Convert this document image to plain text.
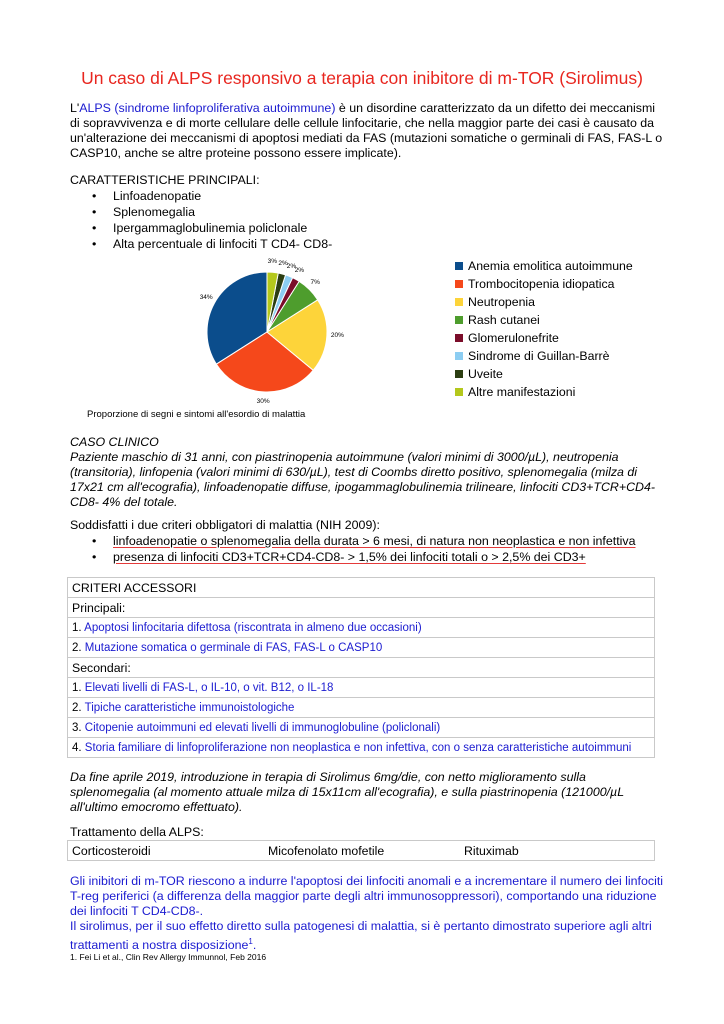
Un caso di ALPS responsivo a terapia con inibitore di m-TOR (Sirolimus)
L'ALPS (sindrome linfoproliferativa autoimmune) è un disordine caratterizzato da un difetto dei meccanismi
di sopravvivenza e di morte cellulare delle cellule linfocitarie, che nella maggior parte dei casi è causato da
un'alterazione dei meccanismi di apoptosi mediati da FAS (mutazioni somatiche o germinali di FAS, FAS-L o
CASP10, anche se altre proteine possono essere implicate).
CARATTERISTICHE PRINCIPALI:
• Linfoadenopatie
• Splenomegalia
• Ipergammaglobulinemia policlonale
• Alta percentuale di linfociti T CD4- CD8-
34%
30%
20%
7%
2%
2%
2%
3%
Proporzione di segni e sintomi all'esordio di malattia
Anemia emolitica autoimmune
Trombocitopenia idiopatica
Neutropenia
Rash cutanei
Glomerulonefrite
Sindrome di Guillan-Barrè
Uveite
Altre manifestazioni
CASO CLINICO
Paziente maschio di 31 anni, con piastrinopenia autoimmune (valori minimi di 3000/µL), neutropenia
(transitoria), linfopenia (valori minimi di 630/µL), test di Coombs diretto positivo, splenomegalia (milza di
17x21 cm all'ecografia), linfoadenopatie diffuse, ipogammaglobulinemia trilineare, linfociti CD3+TCR+CD4-
CD8- 4% del totale.
Soddisfatti i due criteri obbligatori di malattia (NIH 2009):
• linfoadenopatie o splenomegalia della durata > 6 mesi, di natura non neoplastica e non infettiva
• presenza di linfociti CD3+TCR+CD4-CD8- > 1,5% dei linfociti totali o > 2,5% dei CD3+
CRITERI ACCESSORI
Principali:
1. Apoptosi linfocitaria difettosa (riscontrata in almeno due occasioni)
2. Mutazione somatica o germinale di FAS, FAS-L o CASP10
Secondari:
1. Elevati livelli di FAS-L, o IL-10, o vit. B12, o IL-18
2. Tipiche caratteristiche immunoistologiche
3. Citopenie autoimmuni ed elevati livelli di immunoglobuline (policlonali)
4. Storia familiare di linfoproliferazione non neoplastica e non infettiva, con o senza caratteristiche autoimmuni
Da fine aprile 2019, introduzione in terapia di Sirolimus 6mg/die, con netto miglioramento sulla
splenomegalia (al momento attuale milza di 15x11cm all'ecografia), e sulla piastrinopenia (121000/µL
all'ultimo emocromo effettuato).
Trattamento della ALPS:
Corticosteroidi	Micofenolato mofetile	Rituximab
Gli inibitori di m-TOR riescono a indurre l'apoptosi dei linfociti anomali e a incrementare il numero dei linfociti
T-reg periferici (a differenza della maggior parte degli altri immunosoppressori), comportando una riduzione
dei linfociti T CD4-CD8-.
Il sirolimus, per il suo effetto diretto sulla patogenesi di malattia, si è pertanto dimostrato superiore agli altri
trattamenti a nostra disposizione$^1$.
1. Fei Li et al., Clin Rev Allergy Immunnol, Feb 2016
